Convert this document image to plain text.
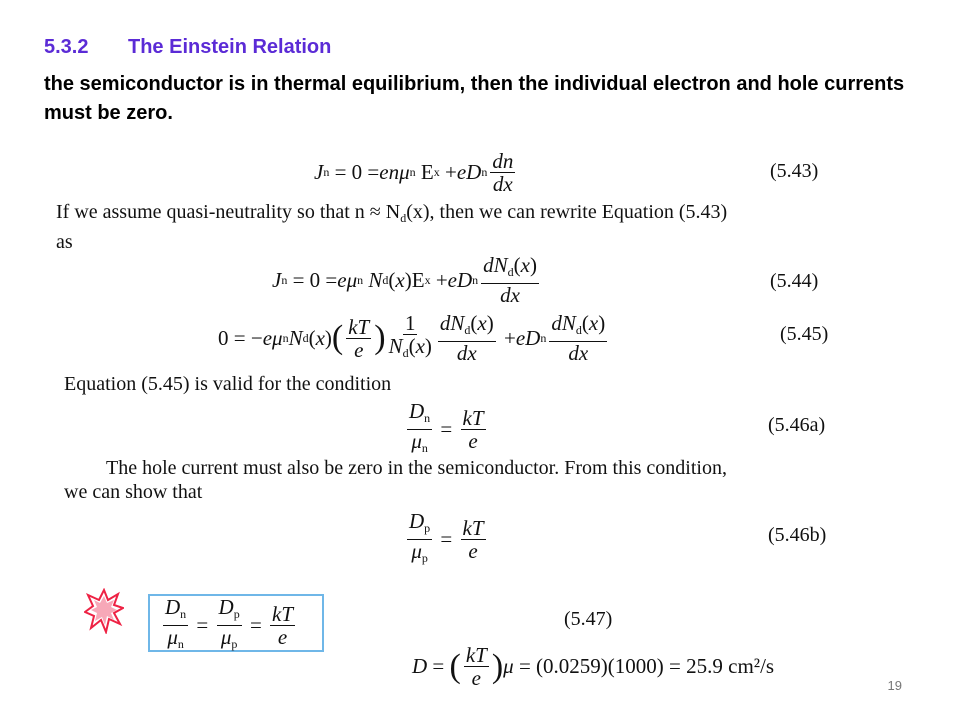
5.3.2 The Einstein Relation
the semiconductor is in thermal equilibrium, then the individual electron and hole currents must be zero.
J n = 0 = en μ n E x + eD n $\frac{dn}{dx}$	(5.43)
If we assume quasi-neutrality so that $n \approx N_d(x)$, then we can rewrite Equation (5.43)
as
J n = 0 = eμ n
N d ( x )E x + eD n $\frac{dN_d(x)}{dx}$	(5.44)
0 = − eμ n N d ( x ) ( $\frac{kT}{e}$ ) $\frac{1}{N_d(x)} \frac{dN_d(x)}{dx}$ + eD n $\frac{dN_d(x)}{dx}$	(5.45)
Equation (5.45) is valid for the condition
$\frac{D_n}{\mu_n} = \frac{kT}{e}$	(5.46a)
The hole current must also be zero in the semiconductor. From this condition,
we can show that
$\frac{D_p}{\mu_p} = \frac{kT}{e}$	(5.46b)
$\frac{D_n}{\mu_n} = \frac{D_p}{\mu_p} = \frac{kT}{e}$	(5.47)
D = ( $\frac{kT}{e}$ ) μ
= (0.0259)(1000) = 25.9 cm²/s
19
